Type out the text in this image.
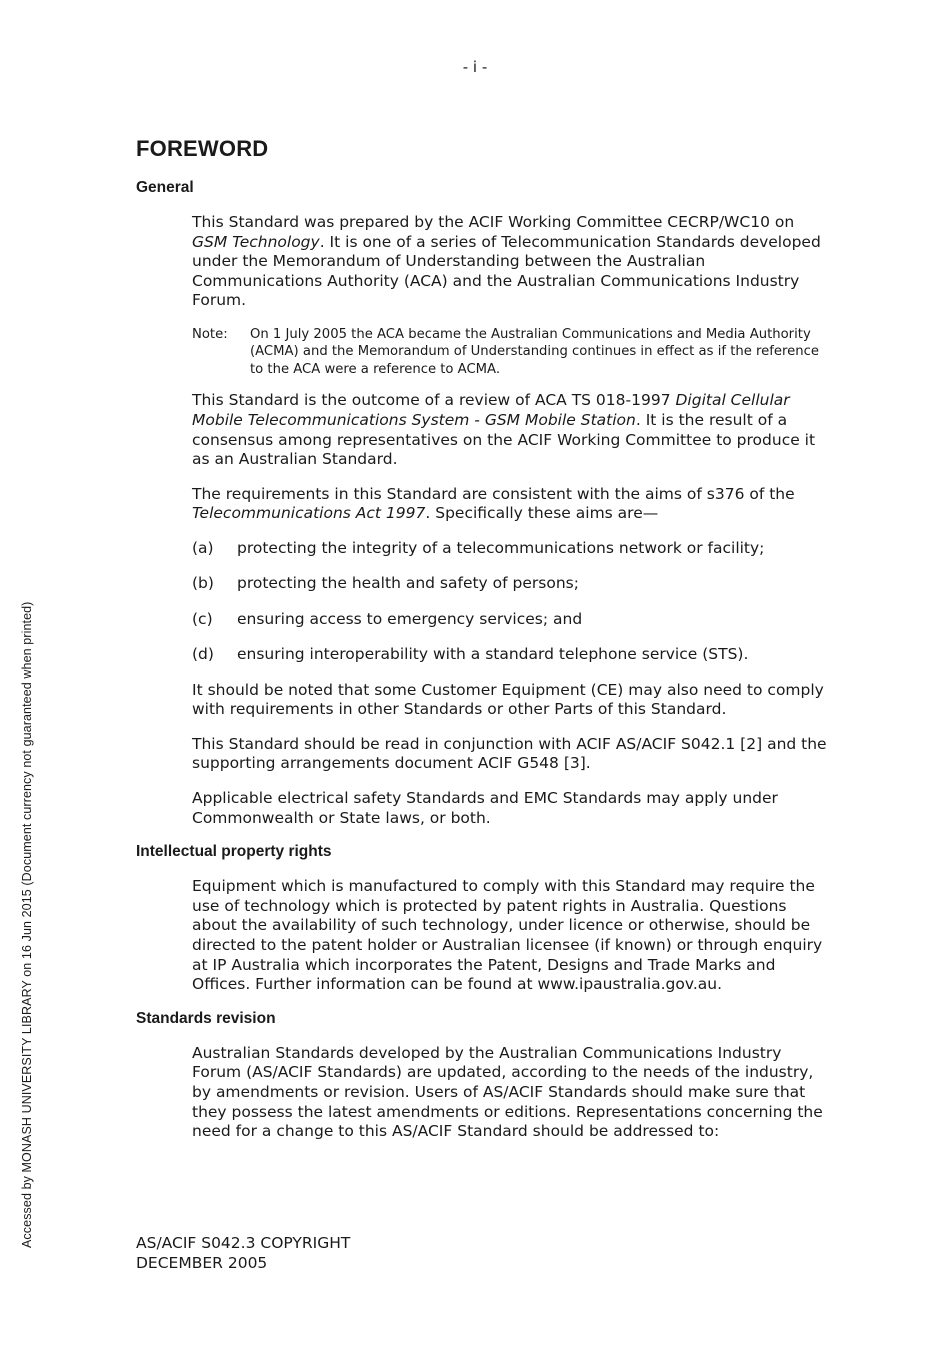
- i -
Accessed by MONASH UNIVERSITY LIBRARY on 16 Jun 2015 (Document currency not guaranteed when printed)
FOREWORD
General

This Standard was prepared by the ACIF Working Committee CECRP/WC10 on GSM Technology. It is one of a series of Telecommunication Standards developed under the Memorandum of Understanding between the Australian Communications Authority (ACA) and the Australian Communications Industry Forum.

Note:	On 1 July 2005 the ACA became the Australian Communications and Media Authority (ACMA) and the Memorandum of Understanding continues in effect as if the reference to the ACA were a reference to ACMA.

This Standard is the outcome of a review of ACA TS 018-1997 Digital Cellular Mobile Telecommunications System - GSM Mobile Station. It is the result of a consensus among representatives on the ACIF Working Committee to produce it as an Australian Standard.

The requirements in this Standard are consistent with the aims of s376 of the Telecommunications Act 1997. Specifically these aims are—

(a)	protecting the integrity of a telecommunications network or facility;
(b)	protecting the health and safety of persons;
(c)	ensuring access to emergency services; and
(d)	ensuring interoperability with a standard telephone service (STS).

It should be noted that some Customer Equipment (CE) may also need to comply with requirements in other Standards or other Parts of this Standard.

This Standard should be read in conjunction with ACIF AS/ACIF S042.1 [2] and the supporting arrangements document ACIF G548 [3].

Applicable electrical safety Standards and EMC Standards may apply under Commonwealth or State laws, or both.

Intellectual property rights

Equipment which is manufactured to comply with this Standard may require the use of technology which is protected by patent rights in Australia. Questions about the availability of such technology, under licence or otherwise, should be directed to the patent holder or Australian licensee (if known) or through enquiry at IP Australia which incorporates the Patent, Designs and Trade Marks and Offices. Further information can be found at www.ipaustralia.gov.au.

Standards revision

Australian Standards developed by the Australian Communications Industry Forum (AS/ACIF Standards) are updated, according to the needs of the industry, by amendments or revision. Users of AS/ACIF Standards should make sure that they possess the latest amendments or editions. Representations concerning the need for a change to this AS/ACIF Standard should be addressed to:

AS/ACIF S042.3 COPYRIGHT
DECEMBER 2005
